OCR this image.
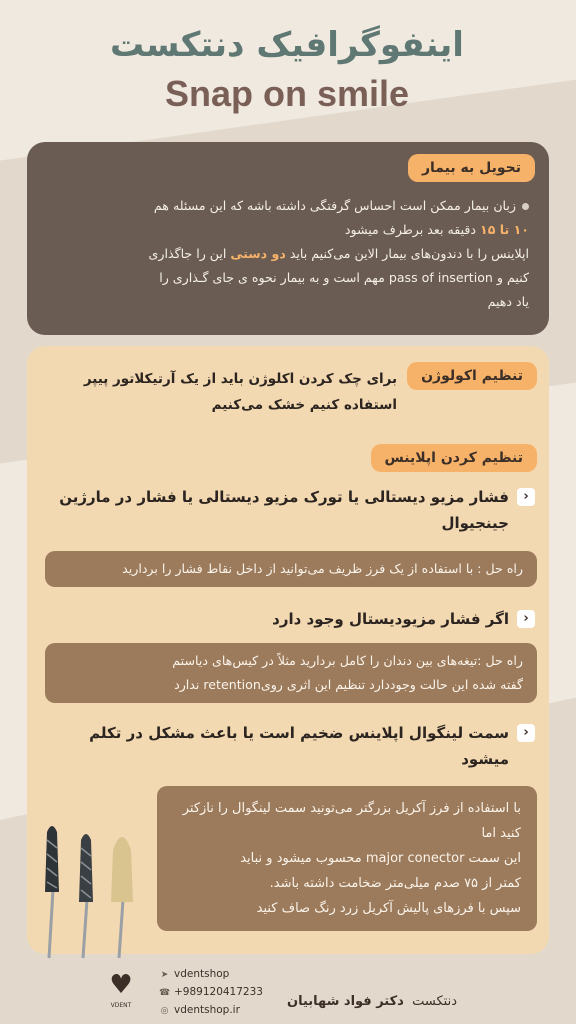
اینفوگرافیک دنتکست
Snap on smile
تحویل به بیمار
زبان بیمار ممکن است احساس گرفتگی داشته باشه که این مسئله هم
۱۰ تا ۱۵ دقیقه بعد برطرف میشود
اپلاینس را با دندون‌های بیمار الاین می‌کنیم باید دو دستی این را جاگذاری
کنیم و pass of insertion مهم است و به بیمار نحوه ی جای گـذاری را
یاد دهیم
تنظیم اکولوژن
برای چک کردن اکلوژن باید از یک آرتیکلاتور پیپر
استفاده کنیم خشک می‌کنیم
تنظیم کردن اپلاینس
‹
فشار مزیو دیستالی یا تورک مزیو دیستالی یا فشار در مارژین جینجیوال
راه حل : با استفاده از یک فرز ظریف می‌توانید از داخل نقاط فشار را بردارید
‹
اگر فشار مزیودیستال وجود دارد
راه حل :تیغه‌های بین دندان را کامل بردارید مثلاً در کیس‌های دیاستم
گفته شده این حالت وجوددارد تنظیم این اثری رویretention ندارد
‹
سمت لینگوال اپلاینس ضخیم است یا باعث مشکل در تکلم میشود
با استفاده از فرز آکریل بزرگتر می‌تونید سمت لینگوال را نازکتر کنید اما
این سمت major conector محسوب میشود و نباید
کمتر از ۷۵ صدم میلی‌متر ضخامت داشته باشد.
سپس با فرزهای پالیش آکریل زرد رنگ صاف کنید
دنتکست  دکتر فواد شهابیان
➤ vdentshop
☎ +989120417233
◎ vdentshop.ir
♥
VDENT
